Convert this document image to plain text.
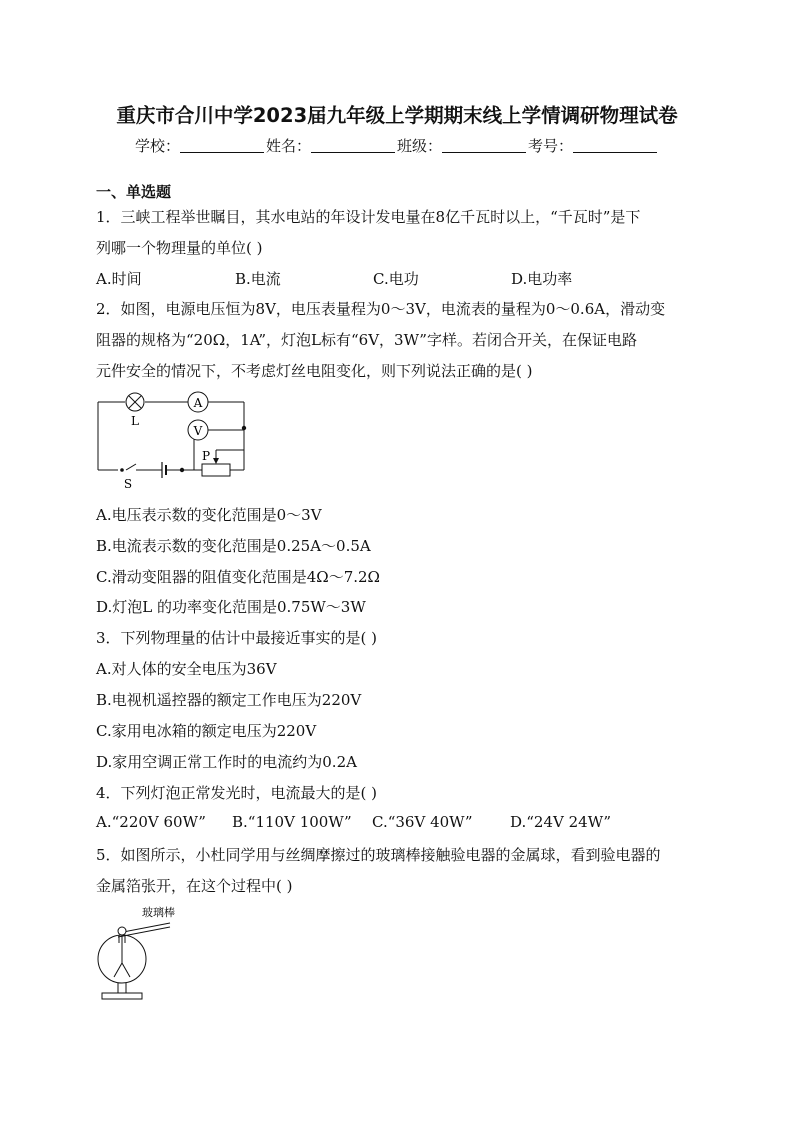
重庆市合川中学2023届九年级上学期期末线上学情调研物理试卷
学校：	姓名：	班级：	考号：
一、单选题
1．三峡工程举世瞩目，其水电站的年设计发电量在8亿千瓦时以上，“千瓦时”是下
列哪一个物理量的单位( )
A.时间	B.电流	C.电功	D.电功率
2．如图，电源电压恒为8V，电压表量程为0～3V，电流表的量程为0～0.6A，滑动变
阻器的规格为“20Ω，1A”，灯泡L标有“6V，3W”字样。若闭合开关，在保证电路
元件安全的情况下，不考虑灯丝电阻变化，则下列说法正确的是( )
A
V
L
S
P
A.电压表示数的变化范围是0～3V
B.电流表示数的变化范围是0.25A～0.5A
C.滑动变阻器的阻值变化范围是4Ω～7.2Ω
D.灯泡L 的功率变化范围是0.75W～3W
3．下列物理量的估计中最接近事实的是( )
A.对人体的安全电压为36V
B.电视机遥控器的额定工作电压为220V
C.家用电冰箱的额定电压为220V
D.家用空调正常工作时的电流约为0.2A
4．下列灯泡正常发光时，电流最大的是( )
A.“220V 60W” B.“110V 100W” C.“36V 40W” D.“24V 24W”
5．如图所示，小杜同学用与丝绸摩擦过的玻璃棒接触验电器的金属球，看到验电器的
金属箔张开，在这个过程中( )
玻璃棒
